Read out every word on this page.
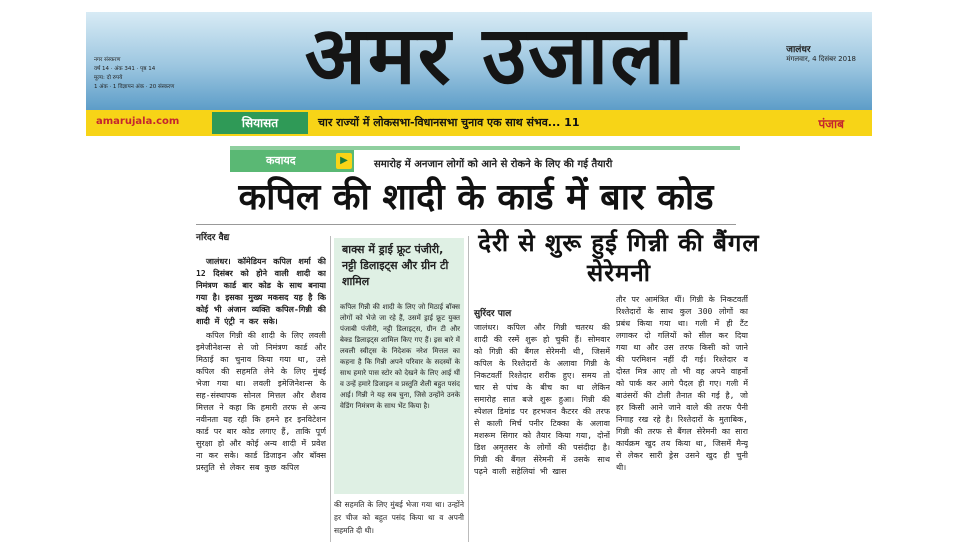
नगर संस्करण
वर्ष 14 · अंक 341 · पृष्ठ 14
मूल्य: दो रुपये
1 अंक · 1 विज्ञापन अंक · 20 संस्करण	अमर उजाला	जालंधर
मंगलवार, 4 दिसंबर 2018
amarujala.com	सियासत	चार राज्यों में लोकसभा-विधानसभा चुनाव एक साथ संभव... 11	पंजाब
कवायद	▶	समारोह में अनजान लोगों को आने से रोकने के लिए की गई तैयारी
कपिल की शादी के कार्ड में बार कोड
नरिंदर वैद्य

जालंधर। कॉमेडियन कपिल शर्मा की 12 दिसंबर को होने वाली शादी का निमंत्रण कार्ड बार कोड के साथ बनाया गया है। इसका मुख्य मकसद यह है कि कोई भी अंजान व्यक्ति कपिल-गिन्नी की शादी में एंट्री न कर सके।

कपिल गिन्नी की शादी के लिए लवली इमेजीनेशन्स से जो निमंत्रण कार्ड और मिठाई का चुनाव किया गया था, उसे कपिल की सहमति लेने के लिए मुंबई भेजा गया था। लवली इमेजिनेशन्स के सह-संस्थापक सोनल मित्तल और शैशव मित्तल ने कहा कि हमारी तरफ से अन्य नवीनता यह रही कि हमने हर इनविटेशन कार्ड पर बार कोड लगाए हैं, ताकि पूर्ण सुरक्षा हो और कोई अन्य शादी में प्रवेश ना कर सके। कार्ड डिजाइन और बॉक्स प्रस्तुति से लेकर सब कुछ कपिल

बाक्स में ड्राई फ्रूट पंजीरी, नट्टी डिलाइट्स और ग्रीन टी शामिल
कपिल गिन्नी की शादी के लिए जो मिठाई बॉक्स लोगों को भेजे जा रहे हैं, उसमें ड्राई फ्रूट युक्त पंजाबी पंजीरी, नट्टी डिलाइट्स, ग्रीन टी और बेक्ड डिलाइट्स शामिल किए गए हैं। इस बारे में लवली स्वीट्स के निदेशक नरेश मित्तल का कहना है कि गिन्नी अपने परिवार के सदस्यों के साथ हमारे पास स्टोर को देखने के लिए आई थीं व उन्हें हमारे डिजाइन व प्रस्तुति शैली बहुत पसंद आई। गिन्नी ने यह सब चुना, जिसे उन्होंने उनके वेडिंग निमंत्रण के साथ भेंट किया है।
की सहमति के लिए मुंबई भेजा गया था। उन्होंने हर चीज को बहुत पसंद किया था व अपनी सहमति दी थी।
देरी से शुरू हुई गिन्नी की बैंगल सेरेमनी
सुरिंदर पाल
जालंधर। कपिल और गिन्नी चतरथ की शादी की रस्में शुरू हो चुकी हैं। सोमवार को गिन्नी की बैंगल सेरेमनी थी, जिसमें कपिल के रिश्तेदारों के अलावा गिन्नी के निकटवर्ती रिश्तेदार शरीक हुए। समय तो चार से पांच के बीच का था लेकिन समारोह सात बजे शुरू हुआ। गिन्नी की स्पेशल डिमांड पर हरभजन कैटरर की तरफ से काली मिर्च पनीर टिक्का के अलावा मशरूम सिगार को तैयार किया गया, दोनों डिश अमृतसर के लोगों की पसंदीदा है। गिन्नी की बैंगल सेरेमनी में उसके साथ पढ़ने वाली सहेलियां भी खास
तौर पर आमंत्रित थीं। गिन्नी के निकटवर्ती रिश्तेदारों के साथ कुल 300 लोगों का प्रबंध किया गया था। गली में ही टैंट लगाकर दो गलियों को सील कर दिया गया था और उस तरफ किसी को जाने की परमिशन नहीं दी गई। रिश्तेदार व दोस्त मित्र आए तो भी वह अपने वाहनों को पार्क कर आगे पैदल ही गए। गली में बाउंसरों की टोली तैनात की गई है, जो हर किसी आने जाने वाले की तरफ पैनी निगाह रख रहे है। रिश्तेदारों के मुताबिक, गिन्नी की तरफ से बैंगल सेरेमनी का सारा कार्यक्रम खुद तय किया था, जिसमें मैन्यू से लेकर सारी ड्रेस उसने खुद ही चुनी थी।
